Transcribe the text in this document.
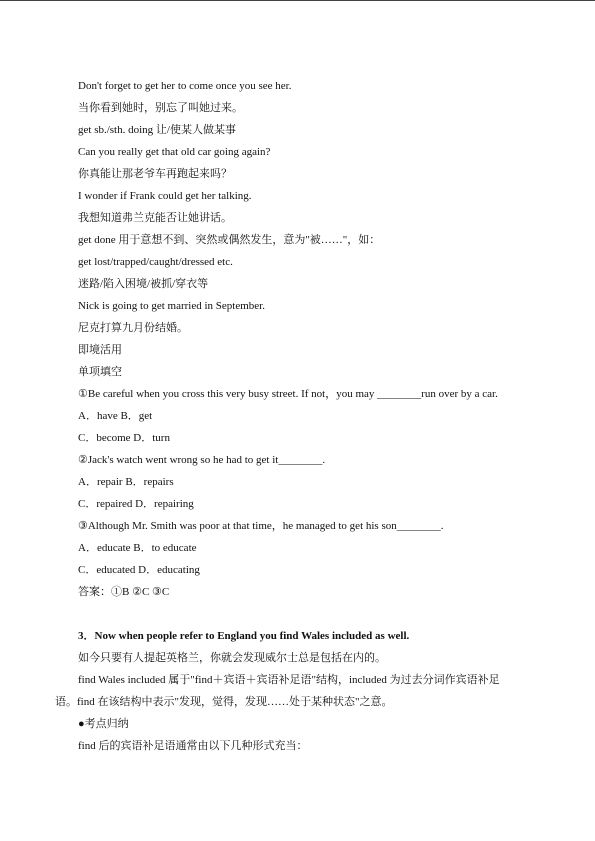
Don't forget to get her to come once you see her.
当你看到她时，别忘了叫她过来。
get sb./sth. doing 让/使某人做某事
Can you really get that old car going again?
你真能让那老爷车再跑起来吗？
I wonder if Frank could get her talking.
我想知道弗兰克能否让她讲话。
get done 用于意想不到、突然或偶然发生，意为"被……"，如：
get lost/trapped/caught/dressed etc.
迷路/陷入困境/被抓/穿衣等
Nick is going to get married in September.
尼克打算九月份结婚。
即境活用
单项填空
①Be careful when you cross this very busy street. If not，you may ________run over by a car.
A．have B．get
C．become D．turn
②Jack's watch went wrong so he had to get it________.
A．repair B．repairs
C．repaired D．repairing
③Although Mr. Smith was poor at that time，he managed to get his son________.
A．educate B．to educate
C．educated D．educating
答案：①B ②C ③C
3．Now when people refer to England you find Wales included as well.
如今只要有人提起英格兰，你就会发现威尔士总是包括在内的。
find Wales included 属于"find＋宾语＋宾语补足语"结构，included 为过去分词作宾语补足
语。find 在该结构中表示"发现，觉得，发现……处于某种状态"之意。
●考点归纳
find 后的宾语补足语通常由以下几种形式充当：
